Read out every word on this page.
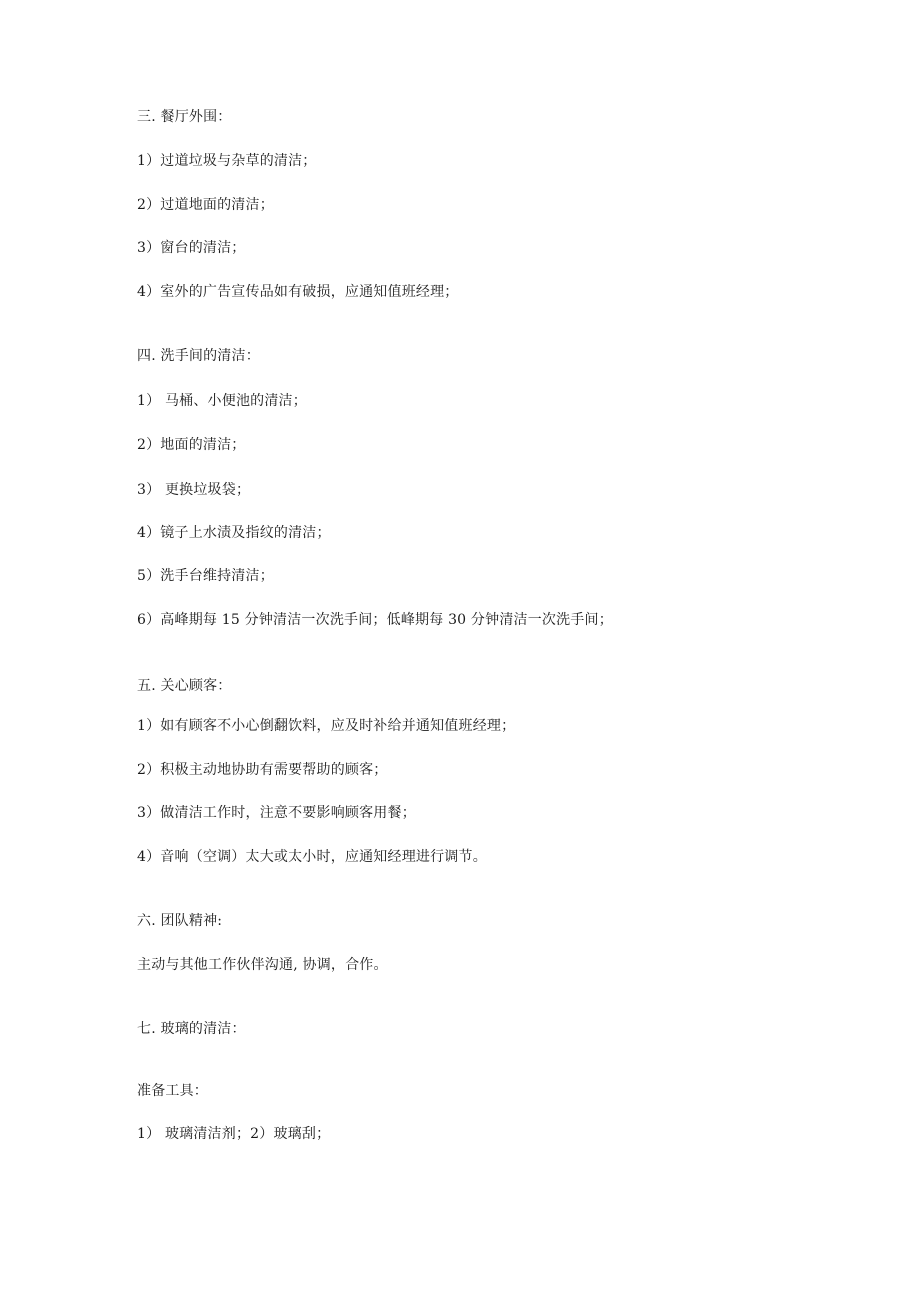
三. 餐厅外围：
1）过道垃圾与杂草的清洁；
2）过道地面的清洁；
3）窗台的清洁；
4）室外的广告宣传品如有破损，应通知值班经理；
四. 洗手间的清洁：
1） 马桶、小便池的清洁；
2）地面的清洁；
3） 更换垃圾袋；
4）镜子上水渍及指纹的清洁；
5）洗手台维持清洁；
6）高峰期每 15 分钟清洁一次洗手间；低峰期每 30 分钟清洁一次洗手间；
五. 关心顾客：
1）如有顾客不小心倒翻饮料，应及时补给并通知值班经理；
2）积极主动地协助有需要帮助的顾客；
3）做清洁工作时，注意不要影响顾客用餐；
4）音响（空调）太大或太小时，应通知经理进行调节。
六. 团队精神:
主动与其他工作伙伴沟通, 协调，合作。
七. 玻璃的清洁：
准备工具：
1） 玻璃清洁剂；2）玻璃刮；
